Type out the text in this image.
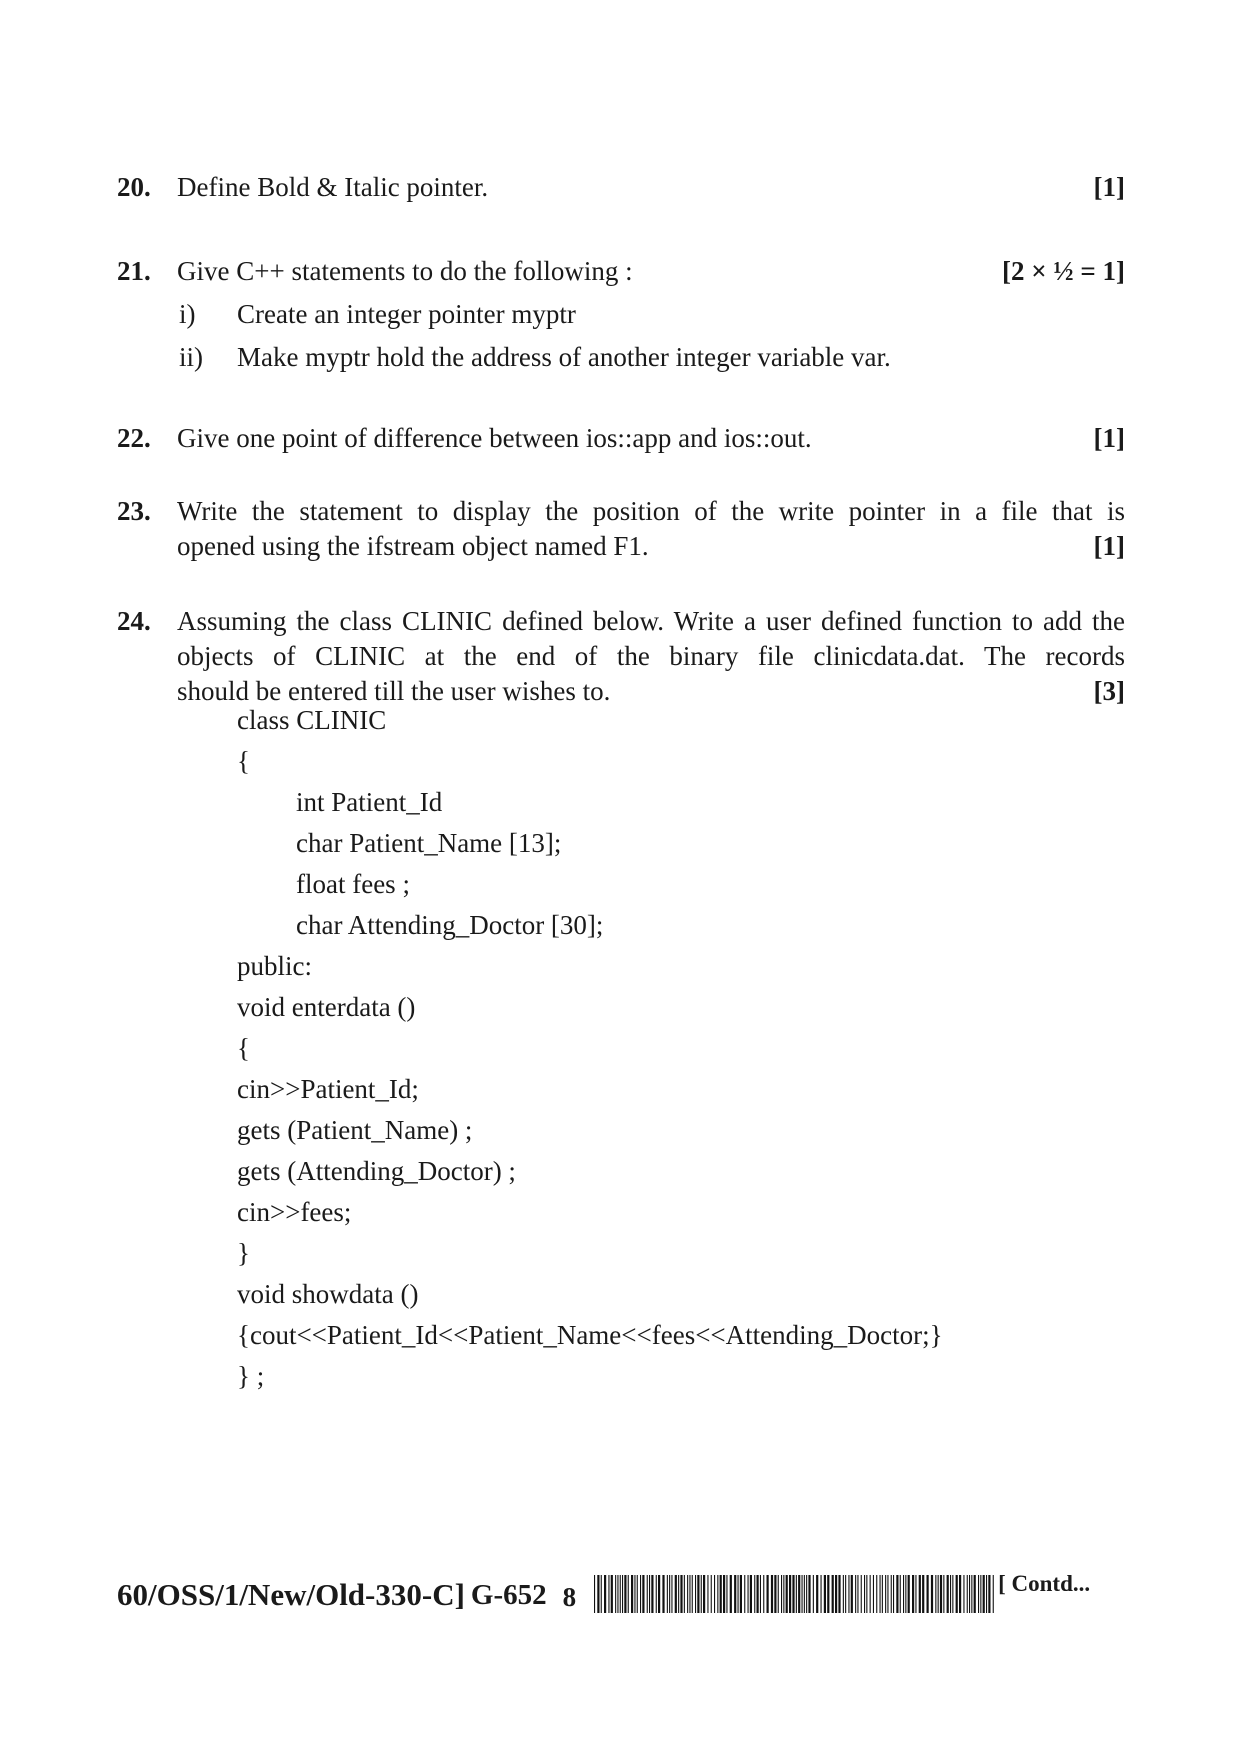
20. Define Bold & Italic pointer.	[1]
21. Give C++ statements to do the following :	[2 × ½ = 1]
i)	Create an integer pointer myptr
ii)	Make myptr hold the address of another integer variable var.
22. Give one point of difference between ios::app and ios::out.	[1]
23. Write the statement to display the position of the write pointer in a file that is
opened using the ifstream object named F1.	[1]
24. Assuming the class CLINIC defined below. Write a user defined function to add the objects of CLINIC at the end of the binary file clinicdata.dat. The records
should be entered till the user wishes to.	[3]
class CLINIC
{
int Patient_Id
char Patient_Name [13];
float fees ;
char Attending_Doctor [30];
public:
void enterdata ()
{
cin>>Patient_Id;
gets (Patient_Name) ;
gets (Attending_Doctor) ;
cin>>fees;
}
void showdata ()
{cout<<Patient_Id<<Patient_Name<<fees<<Attending_Doctor;}
} ;
60/OSS/1/New/Old-330-C] G-652 8	[ Contd...
